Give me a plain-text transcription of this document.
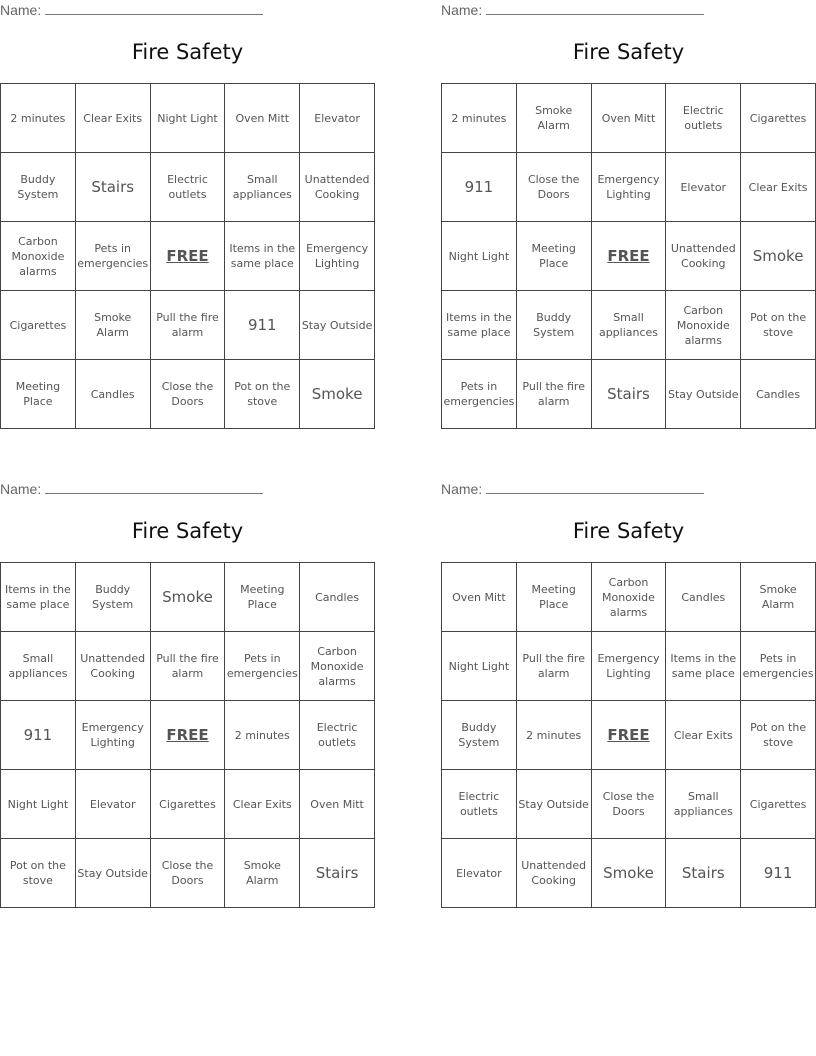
Name:
Fire Safety
2 minutes	Clear Exits	Night Light	Oven Mitt	Elevator
Buddy System	Stairs	Electric outlets	Small appliances	Unattended Cooking
Carbon Monoxide alarms	Pets in emergencies	FREE	Items in the same place	Emergency Lighting
Cigarettes	Smoke Alarm	Pull the fire alarm	911	Stay Outside
Meeting Place	Candles	Close the Doors	Pot on the stove	Smoke
Name:
Fire Safety
2 minutes	Smoke Alarm	Oven Mitt	Electric outlets	Cigarettes
911	Close the Doors	Emergency Lighting	Elevator	Clear Exits
Night Light	Meeting Place	FREE	Unattended Cooking	Smoke
Items in the same place	Buddy System	Small appliances	Carbon Monoxide alarms	Pot on the stove
Pets in emergencies	Pull the fire alarm	Stairs	Stay Outside	Candles
Name:
Fire Safety
Items in the same place	Buddy System	Smoke	Meeting Place	Candles
Small appliances	Unattended Cooking	Pull the fire alarm	Pets in emergencies	Carbon Monoxide alarms
911	Emergency Lighting	FREE	2 minutes	Electric outlets
Night Light	Elevator	Cigarettes	Clear Exits	Oven Mitt
Pot on the stove	Stay Outside	Close the Doors	Smoke Alarm	Stairs
Name:
Fire Safety
Oven Mitt	Meeting Place	Carbon Monoxide alarms	Candles	Smoke Alarm
Night Light	Pull the fire alarm	Emergency Lighting	Items in the same place	Pets in emergencies
Buddy System	2 minutes	FREE	Clear Exits	Pot on the stove
Electric outlets	Stay Outside	Close the Doors	Small appliances	Cigarettes
Elevator	Unattended Cooking	Smoke	Stairs	911
